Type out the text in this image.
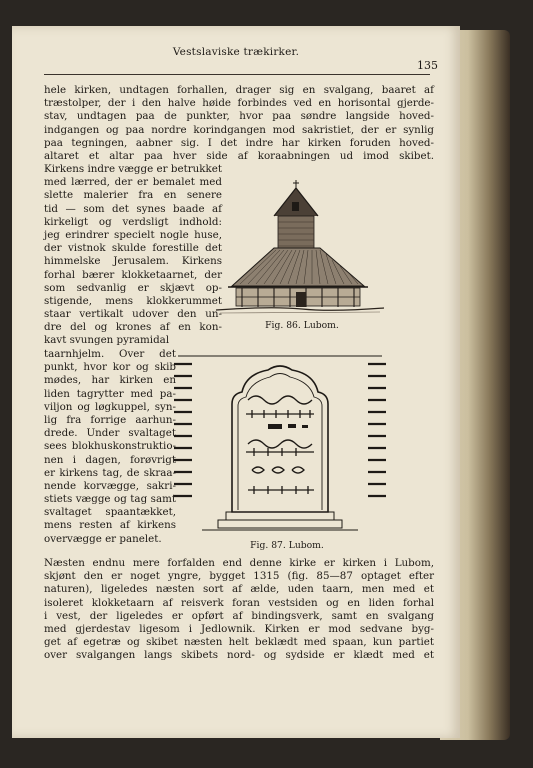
Vestslaviske trækirker.
135
hele kirken, undtagen forhallen, drager sig en svalgang, baaret af
træstolper, der i den halve høide forbindes ved en horisontal gjerde-
stav, undtagen paa de punkter, hvor paa søndre langside hoved-
indgangen og paa nordre korindgangen mod sakristiet, der er synlig
paa tegningen, aabner sig. I det indre har kirken foruden hoved-
altaret et altar paa hver side af koraabningen ud imod skibet.
Kirkens indre vægge er betrukket
med lærred, der er bemalet med
slette malerier fra en senere
tid — som det synes baade af
kirkeligt og verdsligt indhold:
jeg erindrer specielt nogle huse,
der vistnok skulde forestille det
himmelske Jerusalem. Kirkens
forhal bærer klokketaarnet, der
som sedvanlig er skjævt op-
stigende, mens klokkerummet
staar vertikalt udover den un-
dre del og krones af en kon-
kavt svungen pyramidal
taarnhjelm. Over det
punkt, hvor kor og skib
mødes, har kirken en
liden tagrytter med pa-
viljon og løgkuppel, syn-
lig fra forrige aarhun-
drede. Under svaltaget
sees blokhuskonstruktio-
nen i dagen, forøvrigt
er kirkens tag, de skraa-
nende korvægge, sakri-
stiets vægge og tag samt
svaltaget spaantækket,
mens resten af kirkens
overvægge er panelet.
Fig. 86. Lubom.
Fig. 87. Lubom.
Næsten endnu mere forfalden end denne kirke er kirken i Lubom,
skjønt den er noget yngre, bygget 1315 (fig. 85—87 optaget efter
naturen), ligeledes næsten sort af ælde, uden taarn, men med et
isoleret klokketaarn af reisverk foran vestsiden og en liden forhal
i vest, der ligeledes er opført af bindingsverk, samt en svalgang
med gjerdestav ligesom i Jedlownik. Kirken er mod sedvane byg-
get af egetræ og skibet næsten helt beklædt med spaan, kun partiet
over svalgangen langs skibets nord- og sydside er klædt med et
